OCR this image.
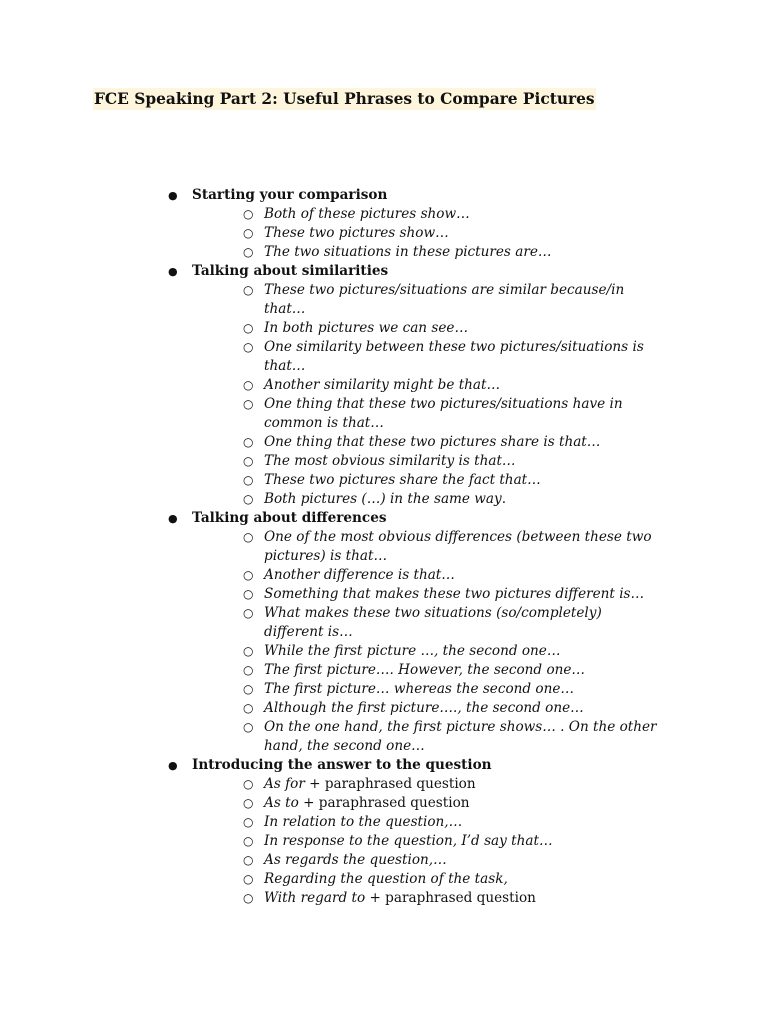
FCE Speaking Part 2: Useful Phrases to Compare Pictures
● Starting your comparison
○ Both of these pictures show…
○ These two pictures show…
○ The two situations in these pictures are…
● Talking about similarities
○ These two pictures/situations are similar because/in that…
○ In both pictures we can see…
○ One similarity between these two pictures/situations is that…
○ Another similarity might be that…
○ One thing that these two pictures/situations have in common is that…
○ One thing that these two pictures share is that…
○ The most obvious similarity is that…
○ These two pictures share the fact that…
○ Both pictures (…) in the same way.
● Talking about differences
○ One of the most obvious differences (between these two pictures) is that…
○ Another difference is that…
○ Something that makes these two pictures different is…
○ What makes these two situations (so/completely) different is…
○ While the first picture …, the second one…
○ The first picture…. However, the second one…
○ The first picture… whereas the second one…
○ Although the first picture…., the second one…
○ On the one hand, the first picture shows… . On the other hand, the second one…
● Introducing the answer to the question
○ As for + paraphrased question
○ As to + paraphrased question
○ In relation to the question,…
○ In response to the question, I’d say that…
○ As regards the question,…
○ Regarding the question of the task,
○ With regard to + paraphrased question
